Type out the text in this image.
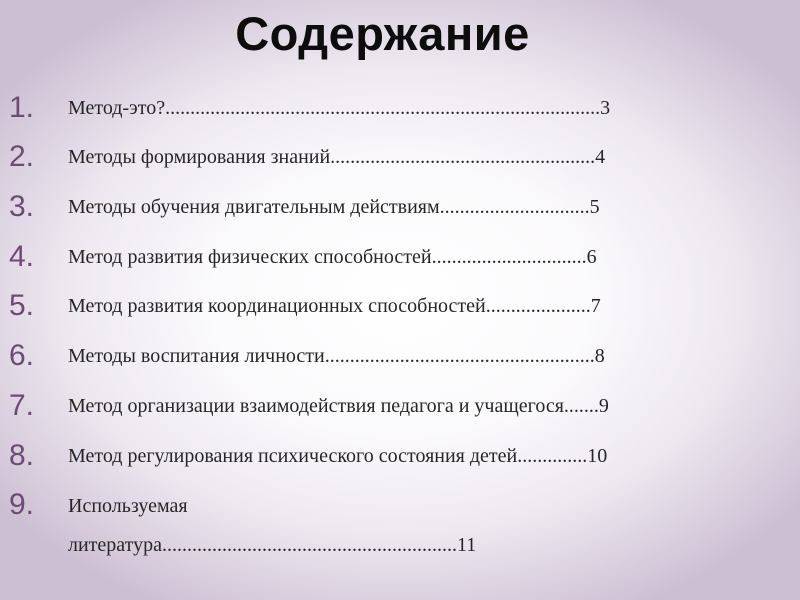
Содержание
1.	Метод-это?.......................................................................................3
2.	Методы формирования знаний.....................................................4
3.	Методы обучения двигательным действиям..............................5
4.	Метод развития физических способностей...............................6
5.	Метод развития координационных способностей.....................7
6.	Методы воспитания личности......................................................8
7.	Метод организации взаимодействия педагога и учащегося.......9
8.	Метод регулирования психического состояния детей..............10
9.	Используемая
литература...........................................................11
